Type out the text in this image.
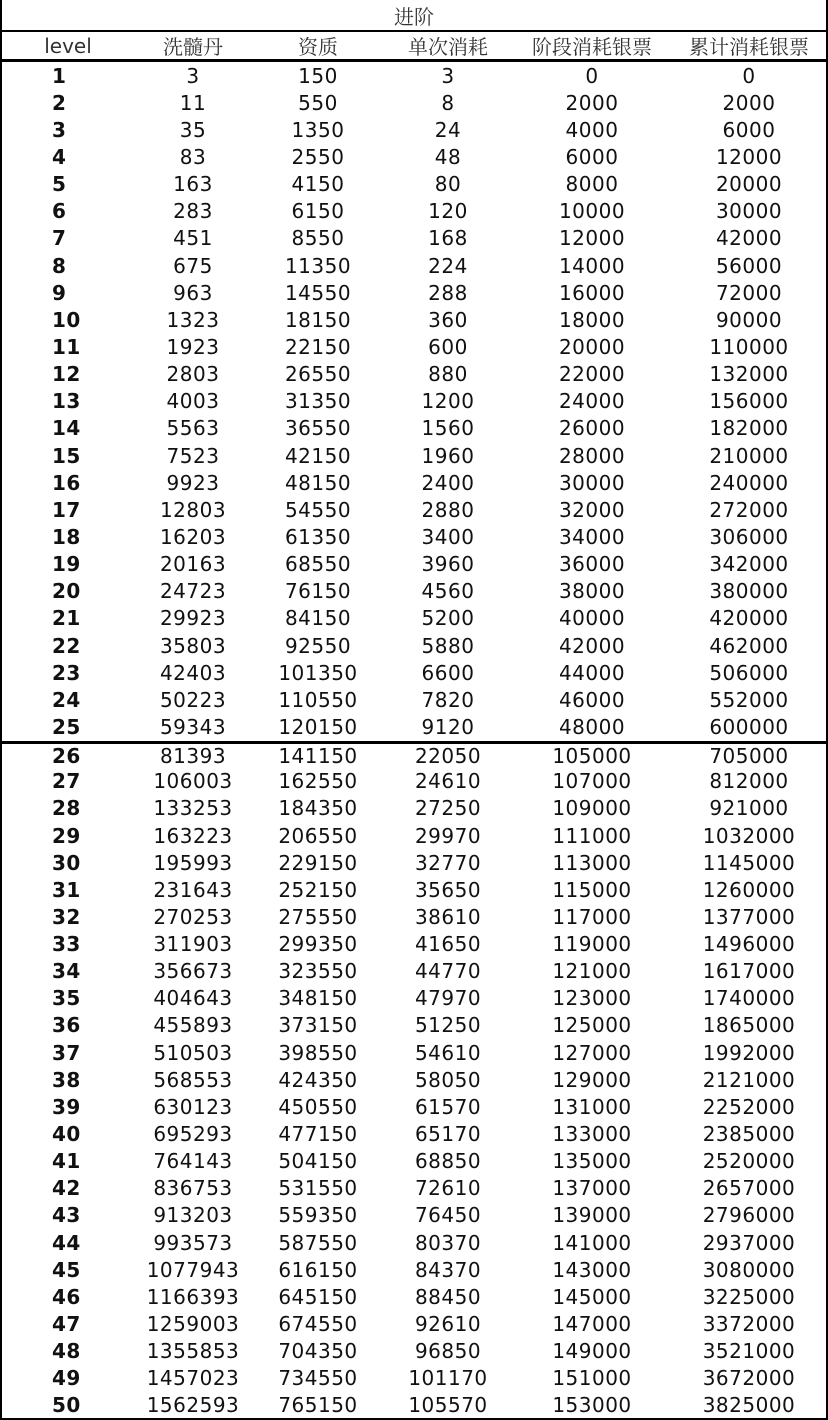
进阶
level	洗髓丹	资质	单次消耗	阶段消耗银票	累计消耗银票
1	3	150	3	0	0
2	11	550	8	2000	2000
3	35	1350	24	4000	6000
4	83	2550	48	6000	12000
5	163	4150	80	8000	20000
6	283	6150	120	10000	30000
7	451	8550	168	12000	42000
8	675	11350	224	14000	56000
9	963	14550	288	16000	72000
10	1323	18150	360	18000	90000
11	1923	22150	600	20000	110000
12	2803	26550	880	22000	132000
13	4003	31350	1200	24000	156000
14	5563	36550	1560	26000	182000
15	7523	42150	1960	28000	210000
16	9923	48150	2400	30000	240000
17	12803	54550	2880	32000	272000
18	16203	61350	3400	34000	306000
19	20163	68550	3960	36000	342000
20	24723	76150	4560	38000	380000
21	29923	84150	5200	40000	420000
22	35803	92550	5880	42000	462000
23	42403	101350	6600	44000	506000
24	50223	110550	7820	46000	552000
25	59343	120150	9120	48000	600000
26	81393	141150	22050	105000	705000
27	106003	162550	24610	107000	812000
28	133253	184350	27250	109000	921000
29	163223	206550	29970	111000	1032000
30	195993	229150	32770	113000	1145000
31	231643	252150	35650	115000	1260000
32	270253	275550	38610	117000	1377000
33	311903	299350	41650	119000	1496000
34	356673	323550	44770	121000	1617000
35	404643	348150	47970	123000	1740000
36	455893	373150	51250	125000	1865000
37	510503	398550	54610	127000	1992000
38	568553	424350	58050	129000	2121000
39	630123	450550	61570	131000	2252000
40	695293	477150	65170	133000	2385000
41	764143	504150	68850	135000	2520000
42	836753	531550	72610	137000	2657000
43	913203	559350	76450	139000	2796000
44	993573	587550	80370	141000	2937000
45	1077943	616150	84370	143000	3080000
46	1166393	645150	88450	145000	3225000
47	1259003	674550	92610	147000	3372000
48	1355853	704350	96850	149000	3521000
49	1457023	734550	101170	151000	3672000
50	1562593	765150	105570	153000	3825000
